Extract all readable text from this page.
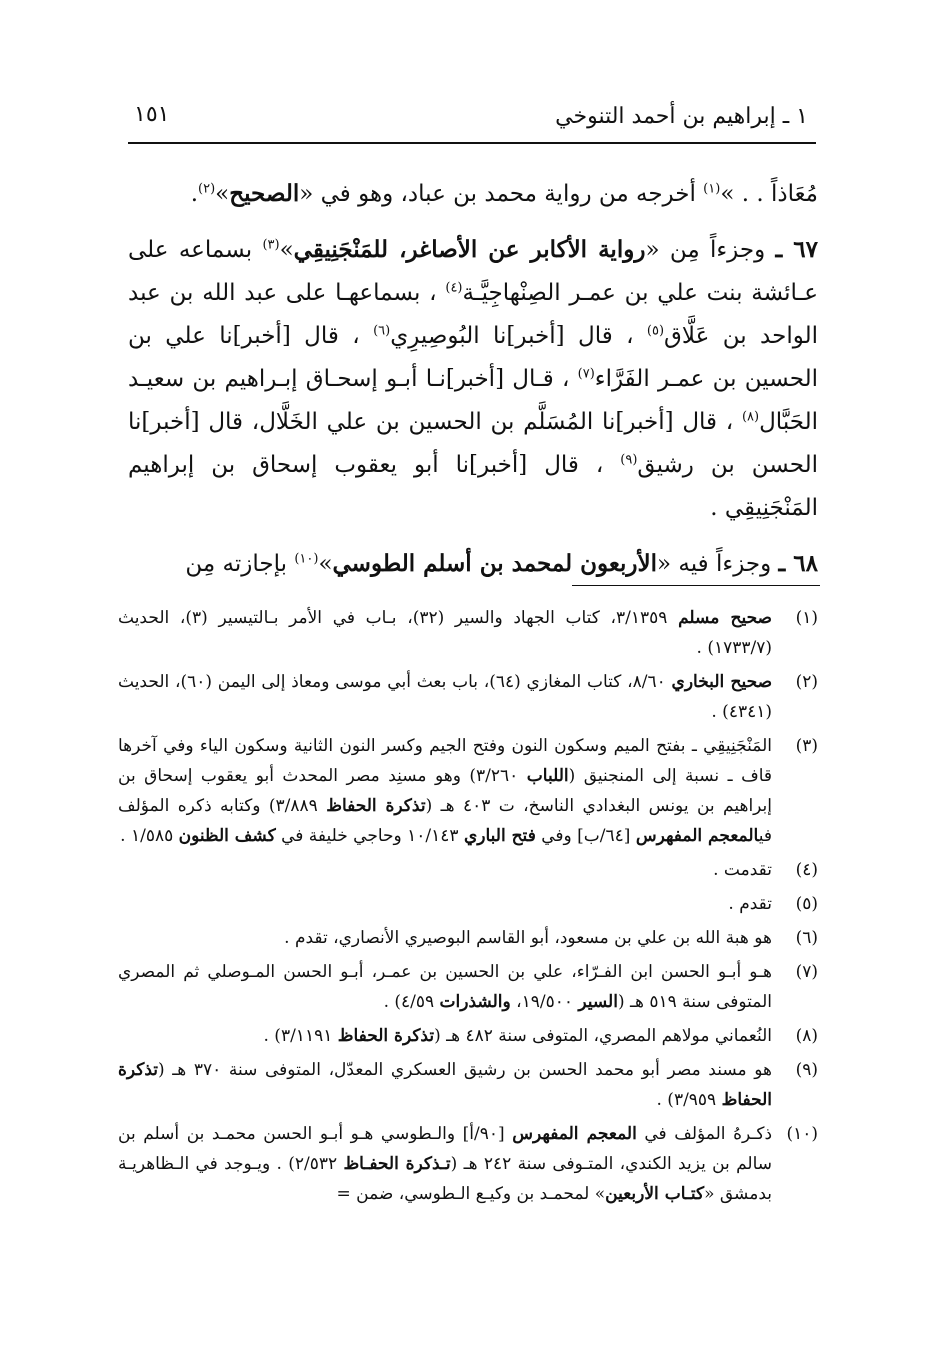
١ ـ إبراهيم بن أحمد التنوخي
١٥١

مُعَاذاً . . »$^{(١)}$ أخرجه من رواية محمد بن عباد، وهو في «الصحيح»$^{(٢)}$.

٦٧ ـ وجزءاً مِن «رواية الأكابر عن الأصاغر، للمَنْجَنِيقِي»$^{(٣)}$ بسماعه على عـائشة بنت علي بن عمـر الصِنْهاجِيَّـة$^{(٤)}$ ، بسماعهـا على عبد الله بن عبد الواحد بن عَلَّاق$^{(٥)}$ ، قال [أخبر]نا البُوصِيرِي$^{(٦)}$ ، قال [أخبر]نا علي بن الحسين بن عمـر الفَرَّاء$^{(٧)}$ ، قـال [أخبر]نـا أبـو إسحـاق إبـراهيم بن سعيـد الحَبَّال$^{(٨)}$ ، قال [أخبر]نا المُسَلَّم بن الحسين بن علي الخَلَّال، قال [أخبر]نا الحسن بن رشيق$^{(٩)}$ ، قال [أخبر]نا أبو يعقوب إسحاق بن إبراهيم المَنْجَنِيقِي .

٦٨ ـ وجزءاً فيه «الأربعون لمحمد بن أسلم الطوسي»$^{(١٠)}$ بإجازته مِن

(١)
صحيح مسلم ٣/١٣٥٩، كتاب الجهاد والسير (٣٢)، بـاب في الأمر بـالتيسير (٣)، الحديث (١٧٣٣/٧) .
(٢)
صحيح البخاري ٨/٦٠، كتاب المغازي (٦٤)، باب بعث أبي موسى ومعاذ إلى اليمن (٦٠)، الحديث (٤٣٤١) .
(٣)
المَنْجَنِيقِي ـ بفتح الميم وسكون النون وفتح الجيم وكسر النون الثانية وسكون الياء وفي آخرها قاف ـ نسبة إلى المنجنيق (اللباب ٣/٢٦٠) وهو مسنِد مصر المحدث أبو يعقوب إسحاق بن إبراهيم بن يونس البغدادي الناسخ، ت ٤٠٣ هـ (تذكرة الحفاظ ٣/٨٨٩) وكتابه ذكره المؤلف فيالمعجم المفهرس [٦٤/ب] وفي فتح الباري ١٠/١٤٣ وحاجي خليفة في كشف الظنون ١/٥٨٥ .
(٤)
تقدمت .
(٥)
تقدم .
(٦)
هو هبة الله بن علي بن مسعود، أبو القاسم البوصيري الأنصاري، تقدم .
(٧)
هـو أبـو الحسن ابن الفـرّاء، علي بن الحسين بن عمـر، أبـو الحسن المـوصلي ثم المصري المتوفى سنة ٥١٩ هـ (السير ١٩/٥٠٠، والشذرات ٤/٥٩) .
(٨)
النُعماني مولاهم المصري، المتوفى سنة ٤٨٢ هـ (تذكرة الحفاظ ٣/١١٩١) .
(٩)
هو مسند مصر أبو محمد الحسن بن رشيق العسكري المعدّل، المتوفى سنة ٣٧٠ هـ (تذكرة الحفاظ ٣/٩٥٩) .
(١٠)
ذكـرهُ المؤلف في المعجم المفهرس [٩٠/أ] والـطوسي هـو أبـو الحسن محمـد بن أسلم بن سالم بن يزيد الكندي، المتـوفى سنة ٢٤٢ هـ (تـذكرة الحفـاظ ٢/٥٣٢) . ويـوجد في الـظاهريـة بدمشق «كتـاب الأربعين» لمحمـد بن وكيـع الـطوسي، ضمن =
